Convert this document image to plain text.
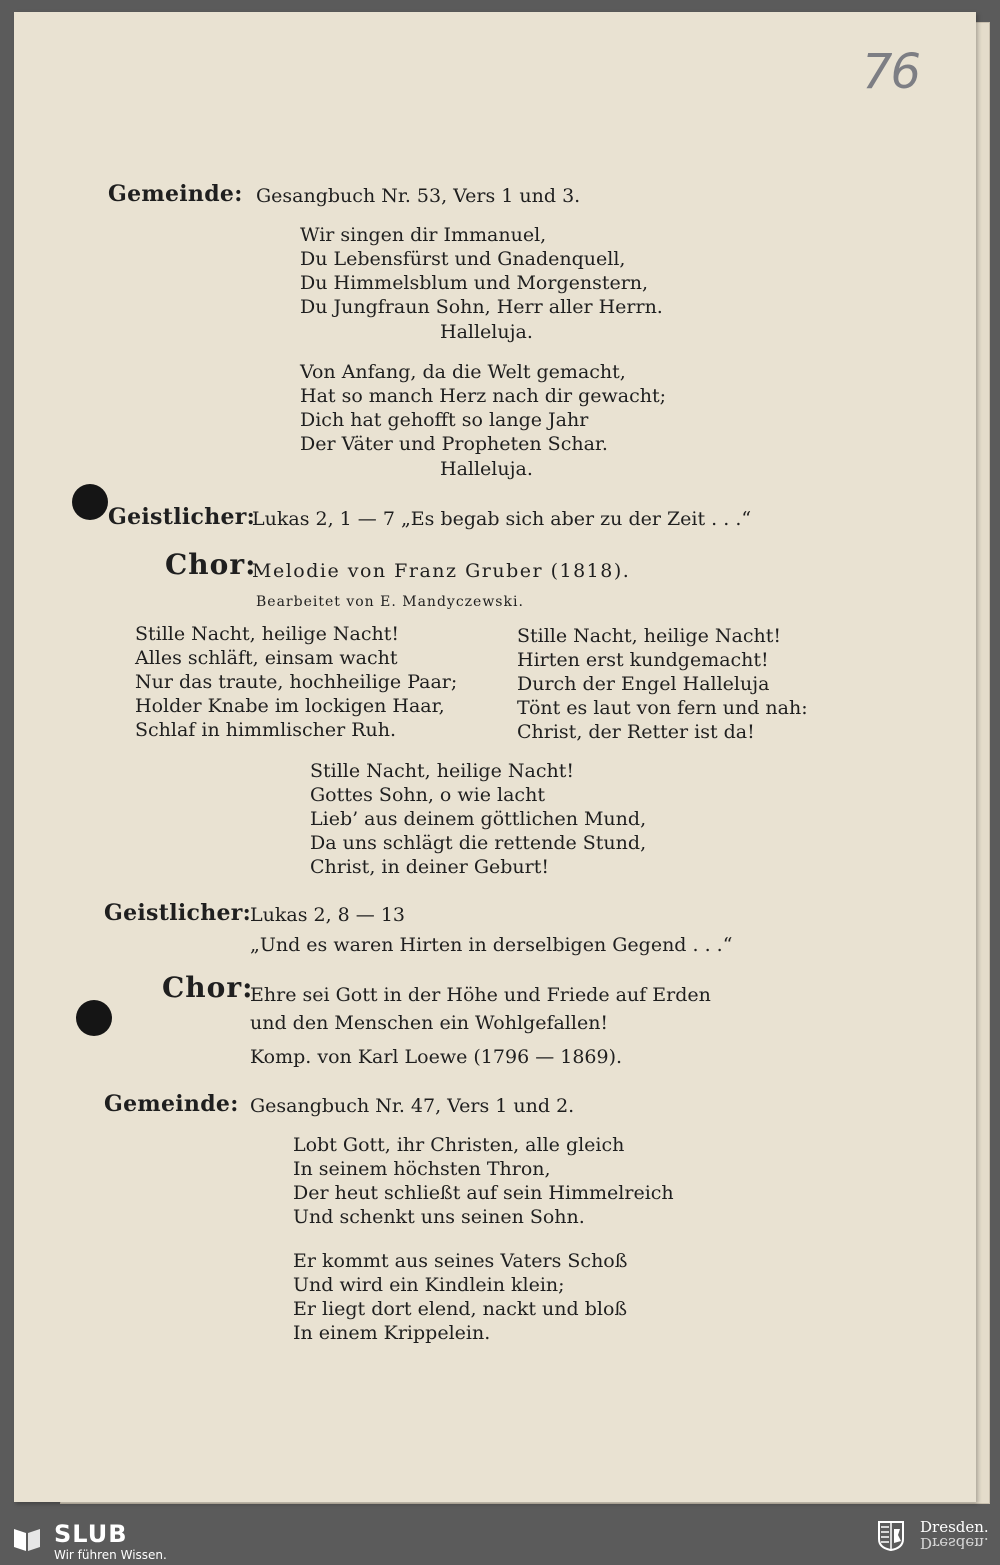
76
Gemeinde: Gesangbuch Nr. 53, Vers 1 und 3.
Wir singen dir Immanuel,
Du Lebensfürst und Gnadenquell,
Du Himmelsblum und Morgenstern,
Du Jungfraun Sohn, Herr aller Herrn.
Halleluja.
Von Anfang, da die Welt gemacht,
Hat so manch Herz nach dir gewacht;
Dich hat gehofft so lange Jahr
Der Väter und Propheten Schar.
Halleluja.
Geistlicher:
Lukas 2, 1 — 7 „Es begab sich aber zu der Zeit . . .“
Chor:
Melodie von Franz Gruber (1818).
Bearbeitet von E. Mandyczewski.
Stille Nacht, heilige Nacht!
Alles schläft, einsam wacht
Nur das traute, hochheilige Paar;
Holder Knabe im lockigen Haar,
Schlaf in himmlischer Ruh.
Stille Nacht, heilige Nacht!
Hirten erst kundgemacht!
Durch der Engel Halleluja
Tönt es laut von fern und nah:
Christ, der Retter ist da!
Stille Nacht, heilige Nacht!
Gottes Sohn, o wie lacht
Lieb’ aus deinem göttlichen Mund,
Da uns schlägt die rettende Stund,
Christ, in deiner Geburt!
Geistlicher:
Lukas 2, 8 — 13
„Und es waren Hirten in derselbigen Gegend . . .“
Chor:
Ehre sei Gott in der Höhe und Friede auf Erden
und den Menschen ein Wohlgefallen!
Komp. von Karl Loewe (1796 — 1869).
Gemeinde: Gesangbuch Nr. 47, Vers 1 und 2.
Lobt Gott, ihr Christen, alle gleich
In seinem höchsten Thron,
Der heut schließt auf sein Himmelreich
Und schenkt uns seinen Sohn.
Er kommt aus seines Vaters Schoß
Und wird ein Kindlein klein;
Er liegt dort elend, nackt und bloß
In einem Krippelein.
SLUB
Wir führen Wissen.
Dresden.
Dresden.
